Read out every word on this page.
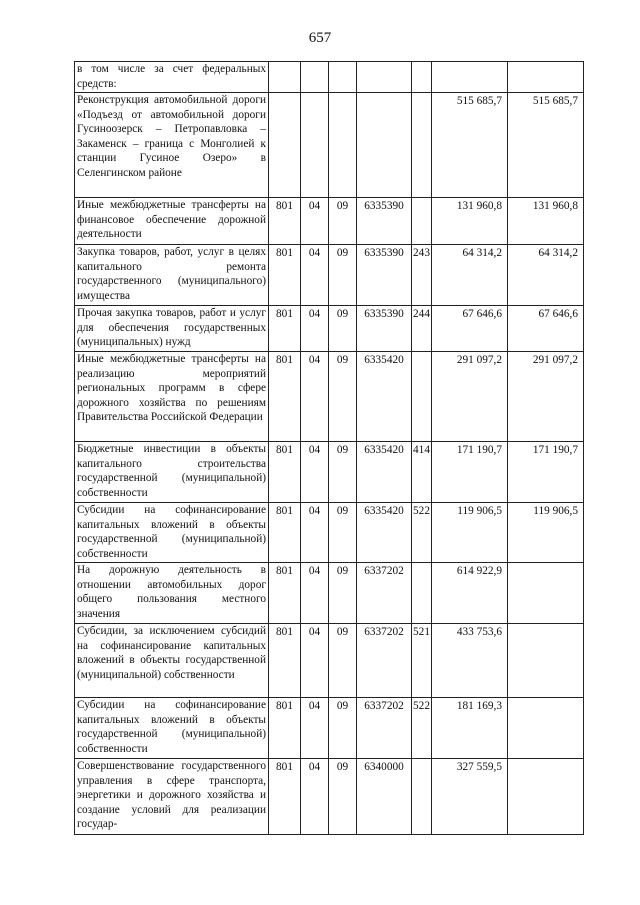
657
в том числе за счет федеральных средств:							
Реконструкция автомобильной дороги «Подъезд от автомобильной дороги Гусиноозерск – Петропавловка – Закаменск – граница с Монголией к станции Гусиное Озеро» в Селенгинском районе						515 685,7	515 685,7
Иные межбюджетные трансферты на финансовое обеспечение дорожной деятельности	801	04	09	6335390		131 960,8	131 960,8
Закупка товаров, работ, услуг в целях капитального ремонта государственного (муниципального) имущества	801	04	09	6335390	243	64 314,2	64 314,2
Прочая закупка товаров, работ и услуг для обеспечения государственных (муниципальных) нужд	801	04	09	6335390	244	67 646,6	67 646,6
Иные межбюджетные трансферты на реализацию мероприятий региональных программ в сфере дорожного хозяйства по решениям Правительства Российской Федерации	801	04	09	6335420		291 097,2	291 097,2
Бюджетные инвестиции в объекты капитального строительства государственной (муниципальной) собственности	801	04	09	6335420	414	171 190,7	171 190,7
Субсидии на софинансирование капитальных вложений в объекты государственной (муниципальной) собственности	801	04	09	6335420	522	119 906,5	119 906,5
На дорожную деятельность в отношении автомобильных дорог общего пользования местного значения	801	04	09	6337202		614 922,9	
Субсидии, за исключением субсидий на софинансирование капитальных вложений в объекты государственной (муниципальной) собственности	801	04	09	6337202	521	433 753,6	
Субсидии на софинансирование капитальных вложений в объекты государственной (муниципальной) собственности	801	04	09	6337202	522	181 169,3	
Совершенствование государственного управления в сфере транспорта, энергетики и дорожного хозяйства и создание условий для реализации государ-	801	04	09	6340000		327 559,5	
